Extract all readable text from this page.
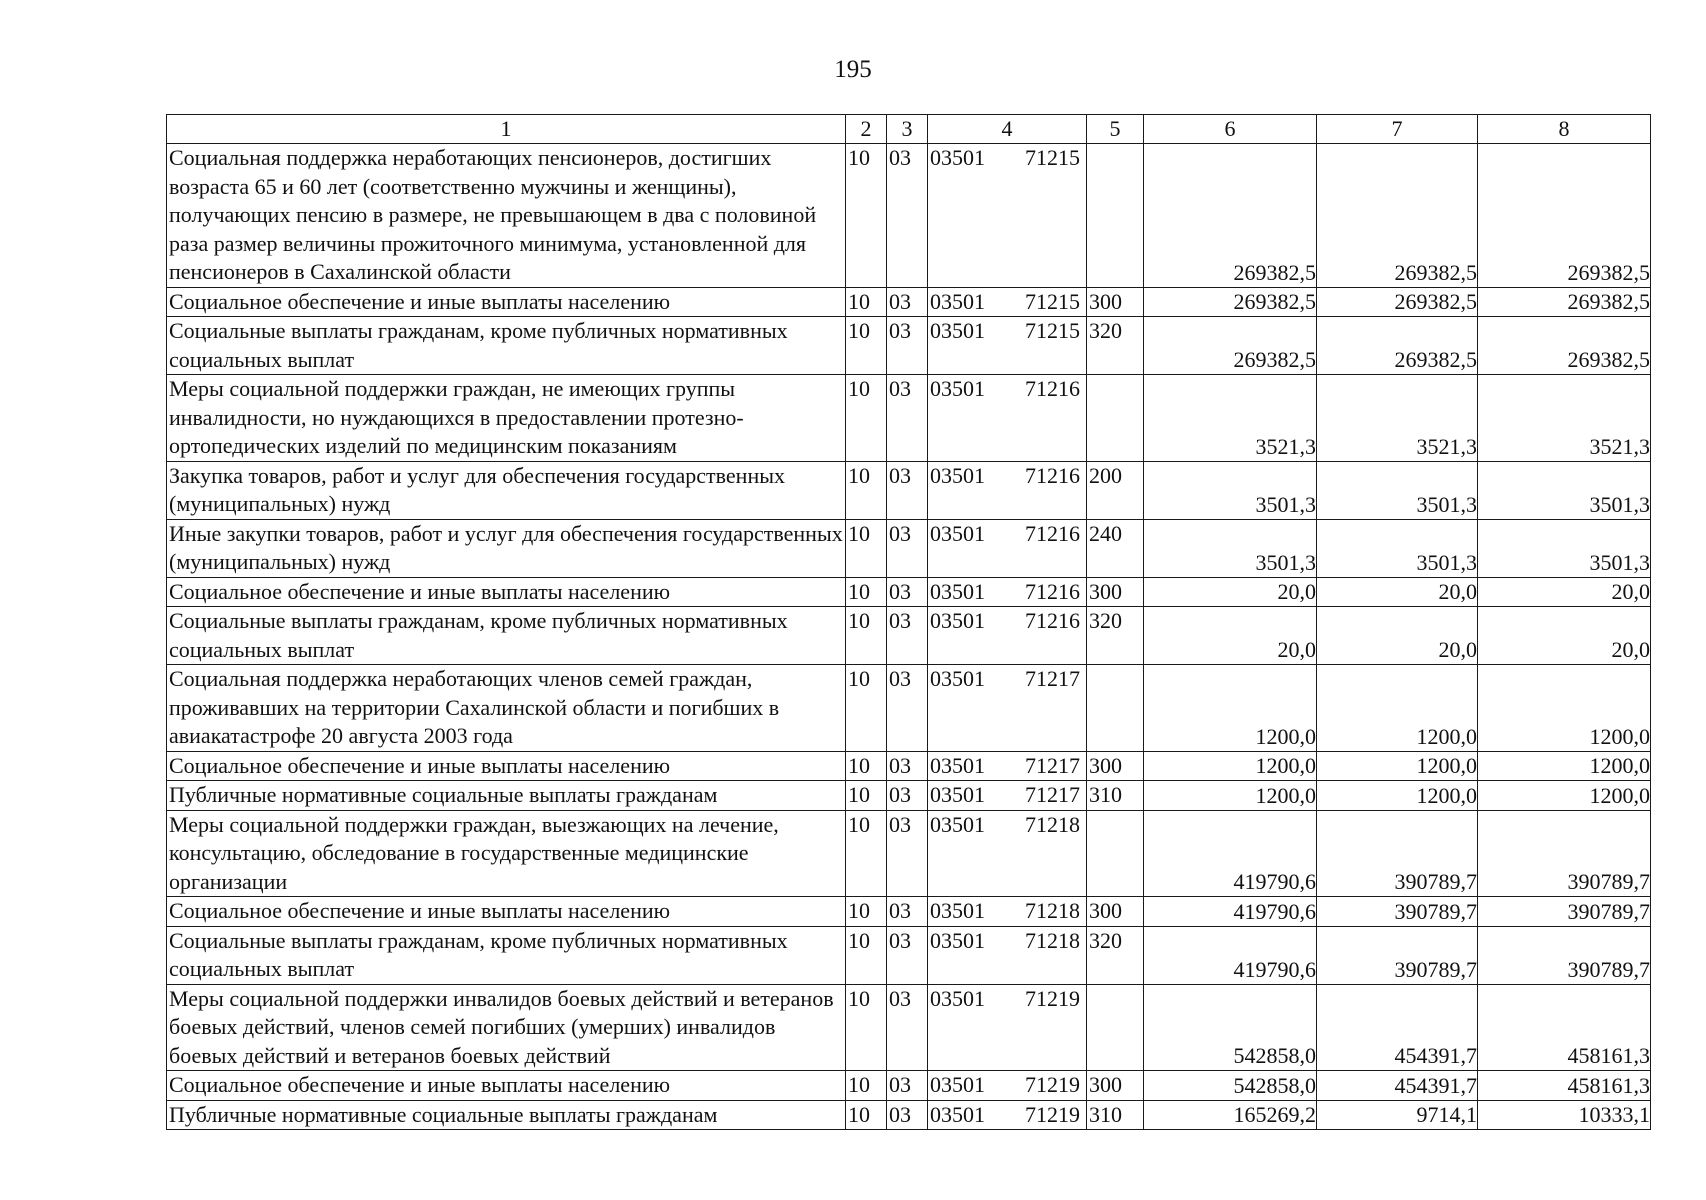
195
1	2	3	4	5	6	7	8
Социальная поддержка неработающих пенсионеров, достигших возраста 65 и 60 лет (соответственно мужчины и женщины), получающих пенсию в размере, не превышающем в два с половиной раза размер величины прожиточного минимума, установленной для пенсионеров в Сахалинской области	10	03	03501 71215		269382,5	269382,5	269382,5
Социальное обеспечение и иные выплаты населению	10	03	03501 71215	300	269382,5	269382,5	269382,5
Социальные выплаты гражданам, кроме публичных нормативных социальных выплат	10	03	03501 71215	320	269382,5	269382,5	269382,5
Меры социальной поддержки граждан, не имеющих группы инвалидности, но нуждающихся в предоставлении протезно-ортопедических изделий по медицинским показаниям	10	03	03501 71216		3521,3	3521,3	3521,3
Закупка товаров, работ и услуг для обеспечения государственных (муниципальных) нужд	10	03	03501 71216	200	3501,3	3501,3	3501,3
Иные закупки товаров, работ и услуг для обеспечения государственных (муниципальных) нужд	10	03	03501 71216	240	3501,3	3501,3	3501,3
Социальное обеспечение и иные выплаты населению	10	03	03501 71216	300	20,0	20,0	20,0
Социальные выплаты гражданам, кроме публичных нормативных социальных выплат	10	03	03501 71216	320	20,0	20,0	20,0
Социальная поддержка неработающих членов семей граждан, проживавших на территории Сахалинской области и погибших в авиакатастрофе 20 августа 2003 года	10	03	03501 71217		1200,0	1200,0	1200,0
Социальное обеспечение и иные выплаты населению	10	03	03501 71217	300	1200,0	1200,0	1200,0
Публичные нормативные социальные выплаты гражданам	10	03	03501 71217	310	1200,0	1200,0	1200,0
Меры социальной поддержки граждан, выезжающих на лечение, консультацию, обследование в государственные медицинские организации	10	03	03501 71218		419790,6	390789,7	390789,7
Социальное обеспечение и иные выплаты населению	10	03	03501 71218	300	419790,6	390789,7	390789,7
Социальные выплаты гражданам, кроме публичных нормативных социальных выплат	10	03	03501 71218	320	419790,6	390789,7	390789,7
Меры социальной поддержки инвалидов боевых действий и ветеранов боевых действий, членов семей погибших (умерших) инвалидов боевых действий и ветеранов боевых действий	10	03	03501 71219		542858,0	454391,7	458161,3
Социальное обеспечение и иные выплаты населению	10	03	03501 71219	300	542858,0	454391,7	458161,3
Публичные нормативные социальные выплаты гражданам	10	03	03501 71219	310	165269,2	9714,1	10333,1
